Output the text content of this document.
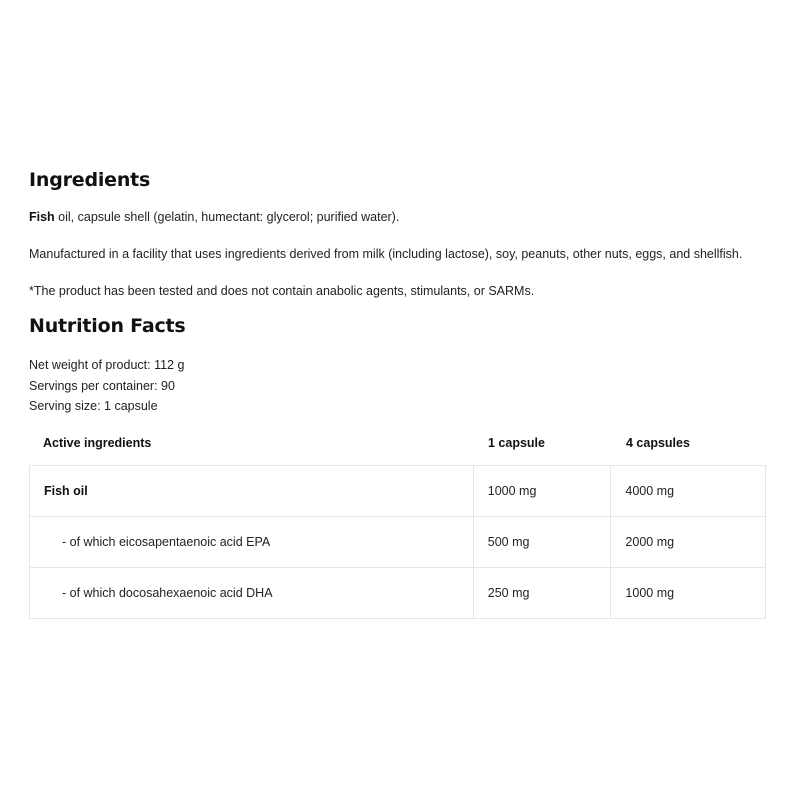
Ingredients

Fish oil, capsule shell (gelatin, humectant: glycerol; purified water).

Manufactured in a facility that uses ingredients derived from milk (including lactose), soy, peanuts, other nuts, eggs, and shellfish.

*The product has been tested and does not contain anabolic agents, stimulants, or SARMs.

Nutrition Facts
Net weight of product: 112 g
Servings per container: 90
Serving size: 1 capsule
Active ingredients	1 capsule	4 capsules
Fish oil	1000 mg	4000 mg
- of which eicosapentaenoic acid EPA	500 mg	2000 mg
- of which docosahexaenoic acid DHA	250 mg	1000 mg
